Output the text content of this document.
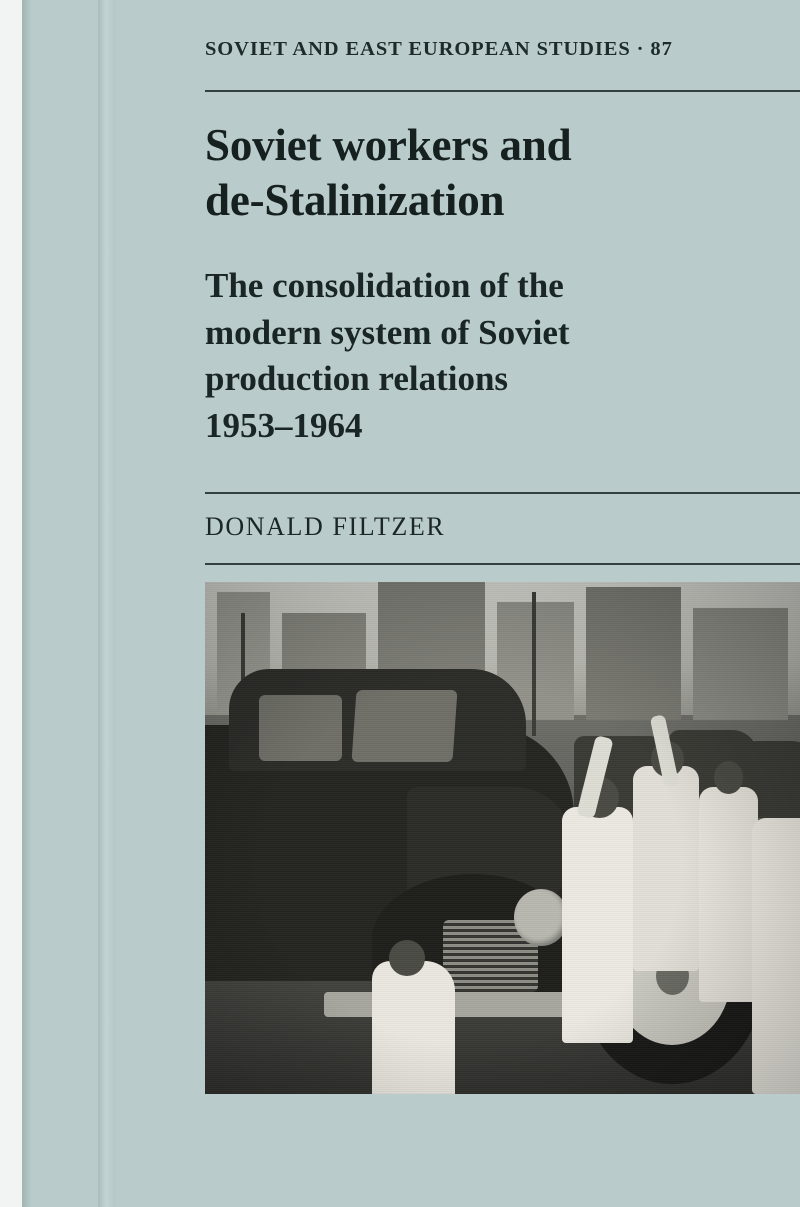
SOVIET AND EAST EUROPEAN STUDIES · 87
Soviet workers and
de-Stalinization
The consolidation of the
modern system of Soviet
production relations
1953–1964
DONALD FILTZER
